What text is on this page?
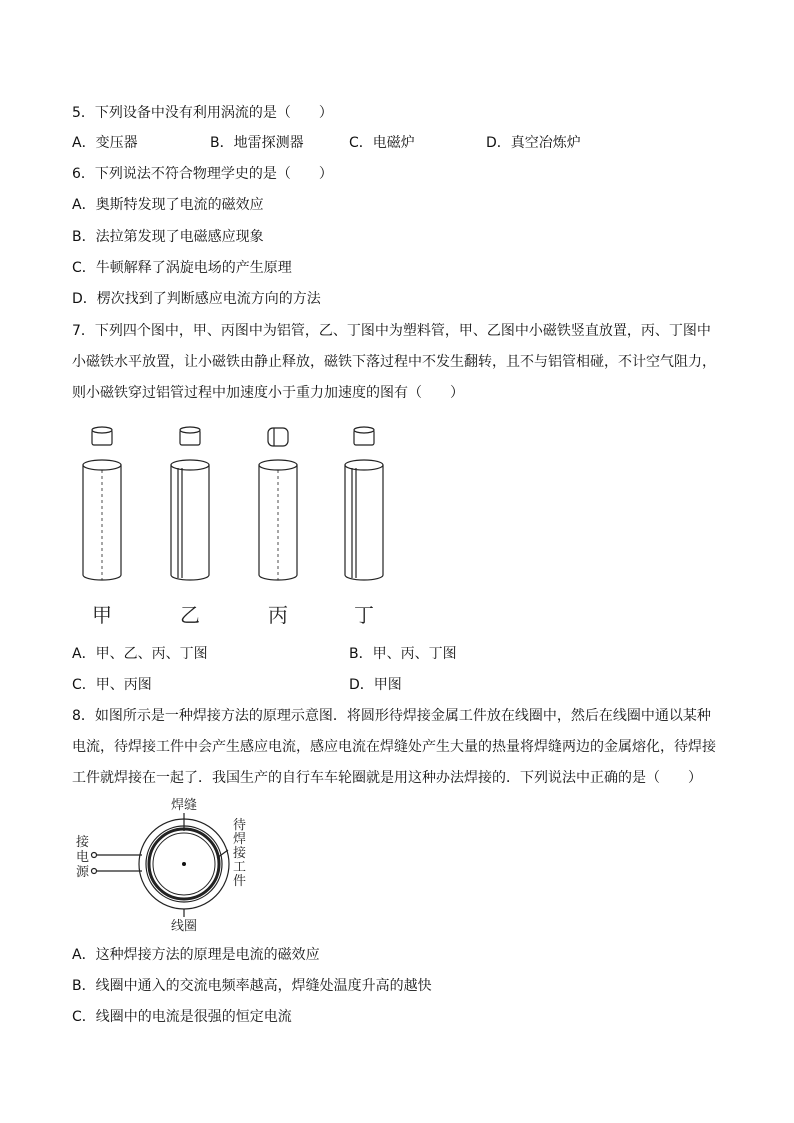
5．下列设备中没有利用涡流的是（　　）
A．变压器	B．地雷探测器	C．电磁炉	D．真空冶炼炉
6．下列说法不符合物理学史的是（　　）
A．奥斯特发现了电流的磁效应
B．法拉第发现了电磁感应现象
C．牛顿解释了涡旋电场的产生原理
D．楞次找到了判断感应电流方向的方法
7．下列四个图中，甲、丙图中为铝管，乙、丁图中为塑料管，甲、乙图中小磁铁竖直放置，丙、丁图中
小磁铁水平放置，让小磁铁由静止释放，磁铁下落过程中不发生翻转，且不与铝管相碰，不计空气阻力，
则小磁铁穿过铝管过程中加速度小于重力加速度的图有（　　）
甲	乙	丙	丁
A．甲、乙、丙、丁图	B．甲、丙、丁图
C．甲、丙图	D．甲图
8．如图所示是一种焊接方法的原理示意图．将圆形待焊接金属工件放在线圈中，然后在线圈中通以某种
电流，待焊接工件中会产生感应电流，感应电流在焊缝处产生大量的热量将焊缝两边的金属熔化，待焊接
工件就焊接在一起了．我国生产的自行车车轮圈就是用这种办法焊接的．下列说法中正确的是（　　）
焊缝
线圈
接
电
源
待
焊
接
工
件
A．这种焊接方法的原理是电流的磁效应
B．线圈中通入的交流电频率越高，焊缝处温度升高的越快
C．线圈中的电流是很强的恒定电流
